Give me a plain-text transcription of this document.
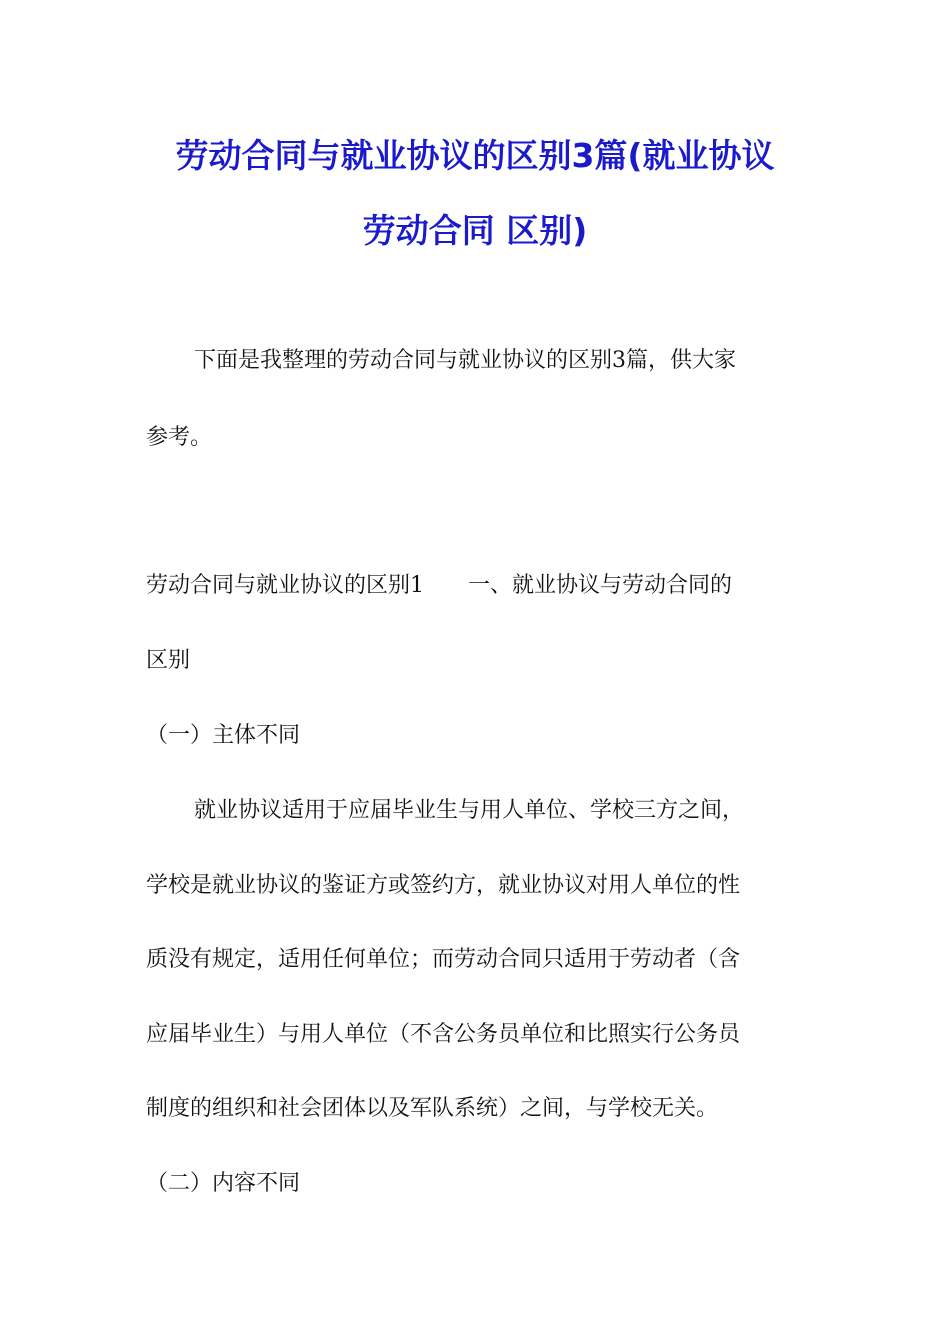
劳动合同与就业协议的区别3篇(就业协议
劳动合同 区别)
下面是我整理的劳动合同与就业协议的区别3篇，供大家
参考。
劳动合同与就业协议的区别1　　一、就业协议与劳动合同的
区别
（一）主体不同
就业协议适用于应届毕业生与用人单位、学校三方之间，
学校是就业协议的鉴证方或签约方，就业协议对用人单位的性
质没有规定，适用任何单位；而劳动合同只适用于劳动者（含
应届毕业生）与用人单位（不含公务员单位和比照实行公务员
制度的组织和社会团体以及军队系统）之间，与学校无关。
（二）内容不同
